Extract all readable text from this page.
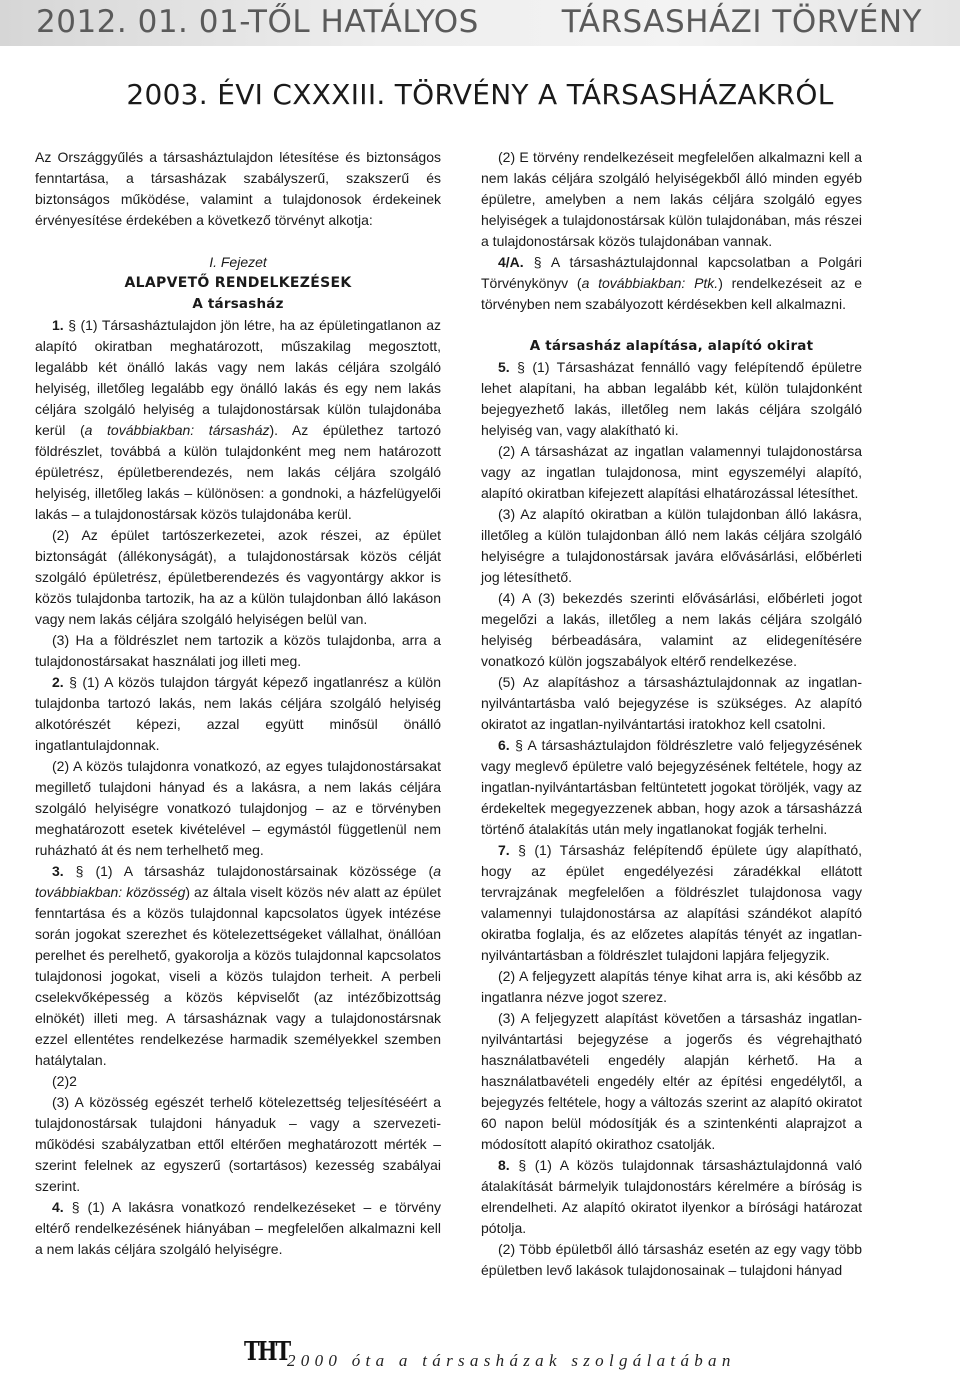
2012. 01. 01-TŐL HATÁLYOS	TÁRSASHÁZI TÖRVÉNY
2003. ÉVI CXXXIII. TÖRVÉNY A TÁRSASHÁZAKRÓL

Az Országgyűlés a társasháztulajdon létesítése és biztonságos fenntartása, a társasházak szabályszerű, szakszerű és biztonságos működése, valamint a tulajdonosok érdekeinek érvényesítése érdekében a következő törvényt alkotja:

I. Fejezet

ALAPVETŐ RENDELKEZÉSEK

A társasház

1. § (1) Társasháztulajdon jön létre, ha az épületingatlanon az alapító okiratban meghatározott, műszakilag megosztott, legalább két önálló lakás vagy nem lakás céljára szolgáló helyiség, illetőleg legalább egy önálló lakás és egy nem lakás céljára szolgáló helyiség a tulajdonostársak külön tulajdonába kerül (a továbbiakban: társasház). Az épülethez tartozó földrészlet, továbbá a külön tulajdonként meg nem határozott épületrész, épületberendezés, nem lakás céljára szolgáló helyiség, illetőleg lakás – különösen: a gondnoki, a házfelügyelői lakás – a tulajdonostársak közös tulajdonába kerül.

(2) Az épület tartószerkezetei, azok részei, az épület biztonságát (állékonyságát), a tulajdonostársak közös célját szolgáló épületrész, épületberendezés és vagyontárgy akkor is közös tulajdonba tartozik, ha az a külön tulajdonban álló lakáson vagy nem lakás céljára szolgáló helyiségen belül van.

(3) Ha a földrészlet nem tartozik a közös tulajdonba, arra a tulajdonostársakat használati jog illeti meg.

2. § (1) A közös tulajdon tárgyát képező ingatlanrész a külön tulajdonba tartozó lakás, nem lakás céljára szolgáló helyiség alkotórészét képezi, azzal együtt minősül önálló ingatlantulajdonnak.

(2) A közös tulajdonra vonatkozó, az egyes tulajdonostársakat megillető tulajdoni hányad és a lakásra, a nem lakás céljára szolgáló helyiségre vonatkozó tulajdonjog – az e törvényben meghatározott esetek kivételével – egymástól függetlenül nem ruházható át és nem terhelhető meg.

3. § (1) A társasház tulajdonostársainak közössége (a továbbiakban: közösség) az általa viselt közös név alatt az épület fenntartása és a közös tulajdonnal kapcsolatos ügyek intézése során jogokat szerezhet és kötelezettségeket vállalhat, önállóan perelhet és perelhető, gyakorolja a közös tulajdonnal kapcsolatos tulajdonosi jogokat, viseli a közös tulajdon terheit. A perbeli cselekvőképesség a közös képviselőt (az intézőbizottság elnökét) illeti meg. A társasháznak vagy a tulajdonostársnak ezzel ellentétes rendelkezése harmadik személyekkel szemben hatálytalan.

(2)2

(3) A közösség egészét terhelő kötelezettség teljesítéséért a tulajdonostársak tulajdoni hányaduk – vagy a szervezeti-működési szabályzatban ettől eltérően meghatározott mérték – szerint felelnek az egyszerű (sortartásos) kezesség szabályai szerint.

4. § (1) A lakásra vonatkozó rendelkezéseket – e törvény eltérő rendelkezésének hiányában – megfelelően alkalmazni kell a nem lakás céljára szolgáló helyiségre.

(2) E törvény rendelkezéseit megfelelően alkalmazni kell a nem lakás céljára szolgáló helyiségekből álló minden egyéb épületre, amelyben a nem lakás céljára szolgáló egyes helyiségek a tulajdonostársak külön tulajdonában, más részei a tulajdonostársak közös tulajdonában vannak.

4/A. § A társasháztulajdonnal kapcsolatban a Polgári Törvénykönyv (a továbbiakban: Ptk.) rendelkezéseit az e törvényben nem szabályozott kérdésekben kell alkalmazni.

A társasház alapítása, alapító okirat

5. § (1) Társasházat fennálló vagy felépítendő épületre lehet alapítani, ha abban legalább két, külön tulajdonként bejegyezhető lakás, illetőleg nem lakás céljára szolgáló helyiség van, vagy alakítható ki.

(2) A társasházat az ingatlan valamennyi tulajdonostársa vagy az ingatlan tulajdonosa, mint egyszemélyi alapító, alapító okiratban kifejezett alapítási elhatározással létesíthet.

(3) Az alapító okiratban a külön tulajdonban álló lakásra, illetőleg a külön tulajdonban álló nem lakás céljára szolgáló helyiségre a tulajdonostársak javára elővásárlási, előbérleti jog létesíthető.

(4) A (3) bekezdés szerinti elővásárlási, előbérleti jogot megelőzi a lakás, illetőleg a nem lakás céljára szolgáló helyiség bérbeadására, valamint az elidegenítésére vonatkozó külön jogszabályok eltérő rendelkezése.

(5) Az alapításhoz a társasháztulajdonnak az ingatlan-nyilvántartásba való bejegyzése is szükséges. Az alapító okiratot az ingatlan-nyilvántartási iratokhoz kell csatolni.

6. § A társasháztulajdon földrészletre való feljegyzésének vagy meglevő épületre való bejegyzésének feltétele, hogy az ingatlan-nyilvántartásban feltüntetett jogokat töröljék, vagy az érdekeltek megegyezzenek abban, hogy azok a társasházzá történő átalakítás után mely ingatlanokat fogják terhelni.

7. § (1) Társasház felépítendő épülete úgy alapítható, hogy az épület engedélyezési záradékkal ellátott tervrajzának megfelelően a földrészlet tulajdonosa vagy valamennyi tulajdonostársa az alapítási szándékot alapító okiratba foglalja, és az előzetes alapítás tényét az ingatlan-nyilvántartásban a földrészlet tulajdoni lapjára feljegyzik.

(2) A feljegyzett alapítás ténye kihat arra is, aki később az ingatlanra nézve jogot szerez.

(3) A feljegyzett alapítást követően a társasház ingatlan-nyilvántartási bejegyzése a jogerős és végrehajtható használatbavételi engedély alapján kérhető. Ha a használatbavételi engedély eltér az építési engedélytől, a bejegyzés feltétele, hogy a változás szerint az alapító okiratot 60 napon belül módosítják és a szintenkénti alaprajzot a módosított alapító okirathoz csatolják.

8. § (1) A közös tulajdonnak társasháztulajdonná való átalakítását bármelyik tulajdonostárs kérelmére a bíróság is elrendelheti. Az alapító okiratot ilyenkor a bírósági határozat pótolja.

(2) Több épületből álló társasház esetén az egy vagy több épületben levő lakások tulajdonosainak – tulajdoni hányad

THT
2000 óta a társasházak szolgálatában
